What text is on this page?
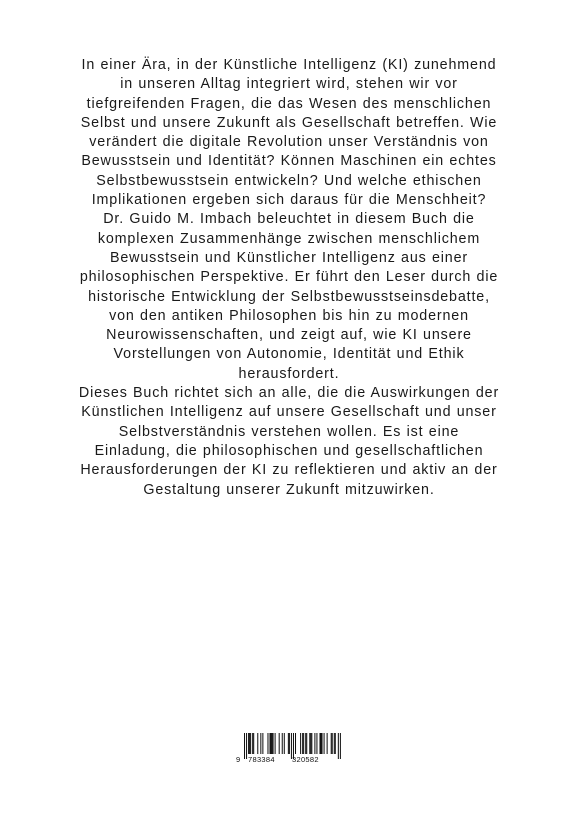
In einer Ära, in der Künstliche Intelligenz (KI) zunehmend
in unseren Alltag integriert wird, stehen wir vor
tiefgreifenden Fragen, die das Wesen des menschlichen
Selbst und unsere Zukunft als Gesellschaft betreffen. Wie
verändert die digitale Revolution unser Verständnis von
Bewusstsein und Identität? Können Maschinen ein echtes
Selbstbewusstsein entwickeln? Und welche ethischen
Implikationen ergeben sich daraus für die Menschheit?
Dr. Guido M. Imbach beleuchtet in diesem Buch die
komplexen Zusammenhänge zwischen menschlichem
Bewusstsein und Künstlicher Intelligenz aus einer
philosophischen Perspektive. Er führt den Leser durch die
historische Entwicklung der Selbstbewusstseinsdebatte,
von den antiken Philosophen bis hin zu modernen
Neurowissenschaften, und zeigt auf, wie KI unsere
Vorstellungen von Autonomie, Identität und Ethik
herausfordert.
Dieses Buch richtet sich an alle, die die Auswirkungen der
Künstlichen Intelligenz auf unsere Gesellschaft und unser
Selbstverständnis verstehen wollen. Es ist eine
Einladung, die philosophischen und gesellschaftlichen
Herausforderungen der KI zu reflektieren und aktiv an der
Gestaltung unserer Zukunft mitzuwirken.
9 783384 320582
